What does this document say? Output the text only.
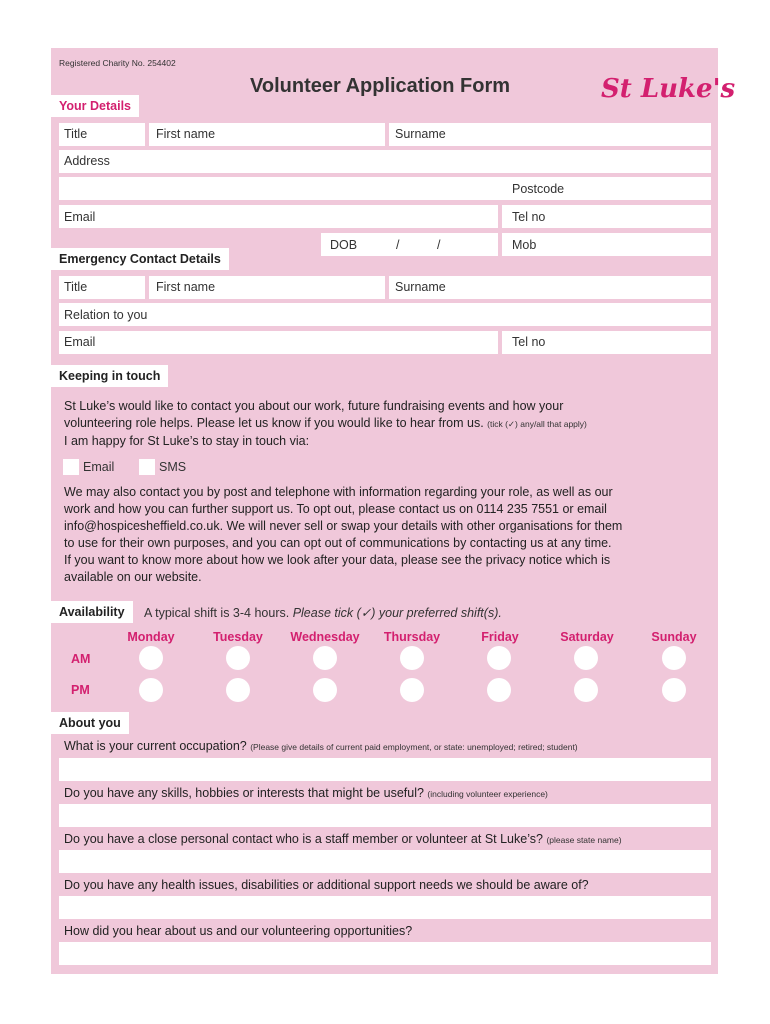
Registered Charity No. 254402
Volunteer Application Form	St Luke's
Your Details
Title	First name	Surname
Address
Postcode
Email	Tel no
DOB	/	/	Mob
Emergency Contact Details
Title	First name	Surname
Relation to you
Email	Tel no
Keeping in touch
St Luke’s would like to contact you about our work, future fundraising events and how your
volunteering role helps. Please let us know if you would like to hear from us. (tick (✓) any/all that apply)
I am happy for St Luke’s to stay in touch via:
Email	SMS
We may also contact you by post and telephone with information regarding your role, as well as our
work and how you can further support us. To opt out, please contact us on 0114 235 7551 or email
info@hospicesheffield.co.uk. We will never sell or swap your details with other organisations for them
to use for their own purposes, and you can opt out of communications by contacting us at any time.
If you want to know more about how we look after your data, please see the privacy notice which is
available on our website.
Availability	A typical shift is 3-4 hours. Please tick (✓) your preferred shift(s).
Monday	Tuesday	Wednesday	Thursday	Friday	Saturday	Sunday
AM
PM
About you
What is your current occupation? (Please give details of current paid employment, or state: unemployed; retired; student)
Do you have any skills, hobbies or interests that might be useful? (including volunteer experience)
Do you have a close personal contact who is a staff member or volunteer at St Luke’s? (please state name)
Do you have any health issues, disabilities or additional support needs we should be aware of?
How did you hear about us and our volunteering opportunities?
